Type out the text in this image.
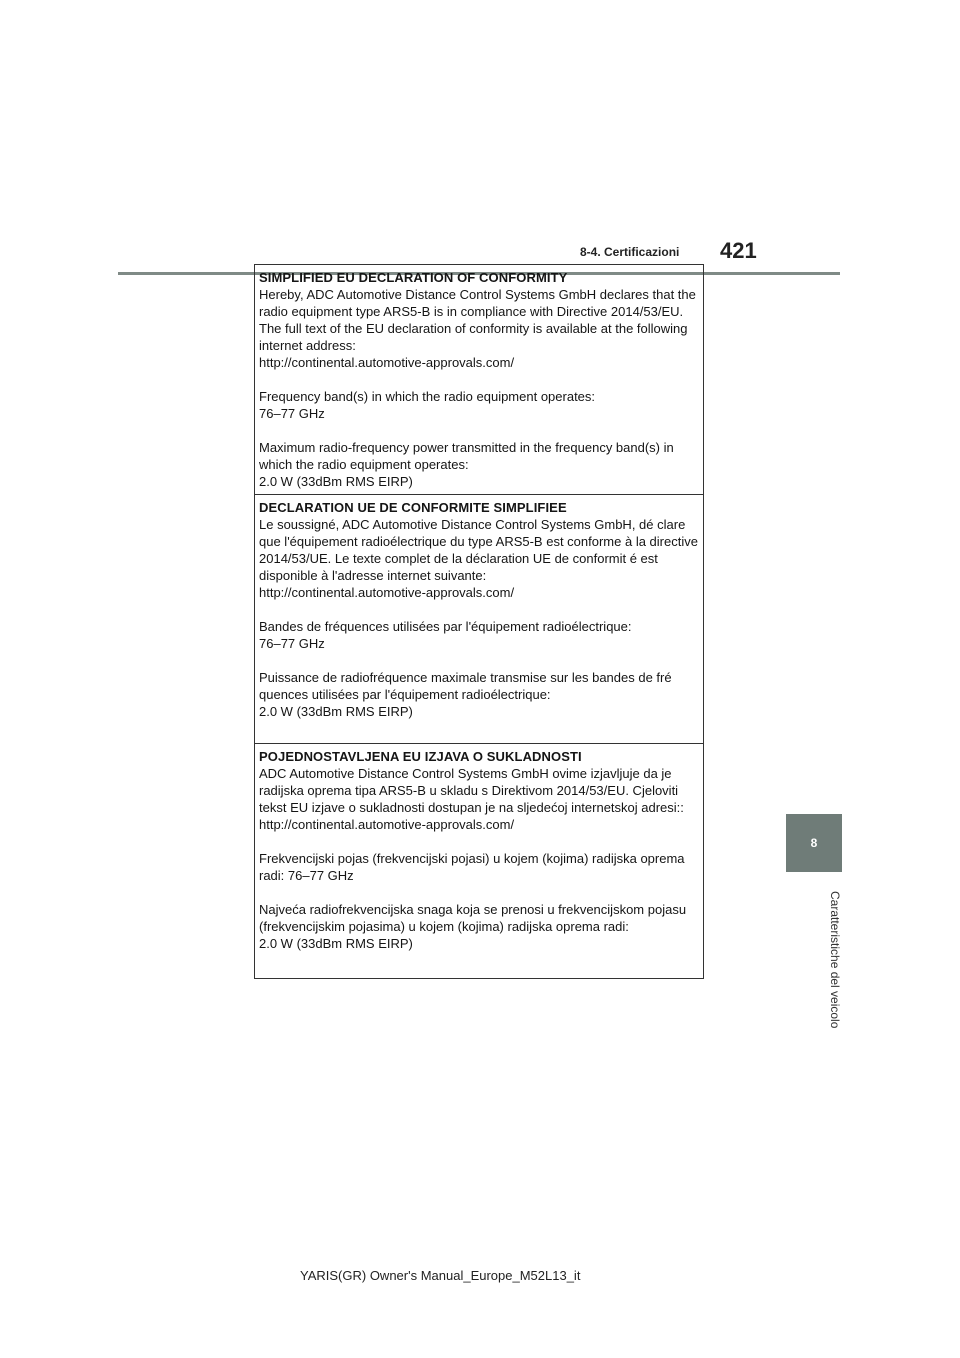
8-4. Certificazioni 421
8
Caratteristiche del veicolo
SIMPLIFIED EU DECLARATION OF CONFORMITY

Hereby, ADC Automotive Distance Control Systems GmbH declares that the radio equipment type ARS5-B is in compliance with Directive 2014/53/EU. The full text of the EU declaration of conformity is available at the following internet address:

http://continental.automotive-approvals.com/

Frequency band(s) in which the radio equipment operates:

76–77 GHz

Maximum radio-frequency power transmitted in the frequency band(s) in which the radio equipment operates:

2.0 W (33dBm RMS EIRP)

DECLARATION UE DE CONFORMITE SIMPLIFIEE

Le soussigné, ADC Automotive Distance Control Systems GmbH, dé clare que l'équipement radioélectrique du type ARS5-B est conforme à la directive 2014/53/UE. Le texte complet de la déclaration UE de conformit é est disponible à l'adresse internet suivante:

http://continental.automotive-approvals.com/

Bandes de fréquences utilisées par l'équipement radioélectrique:

76–77 GHz

Puissance de radiofréquence maximale transmise sur les bandes de fré quences utilisées par l'équipement radioélectrique:

2.0 W (33dBm RMS EIRP)

POJEDNOSTAVLJENA EU IZJAVA O SUKLADNOSTI

ADC Automotive Distance Control Systems GmbH ovime izjavljuje da je radijska oprema tipa ARS5-B u skladu s Direktivom 2014/53/EU. Cjeloviti tekst EU izjave o sukladnosti dostupan je na sljedećoj internetskoj adresi::

http://continental.automotive-approvals.com/

Frekvencijski pojas (frekvencijski pojasi) u kojem (kojima) radijska oprema radi: 76–77 GHz

Najveća radiofrekvencijska snaga koja se prenosi u frekvencijskom pojasu (frekvencijskim pojasima) u kojem (kojima) radijska oprema radi:

2.0 W (33dBm RMS EIRP)

YARIS(GR) Owner's Manual_Europe_M52L13_it
